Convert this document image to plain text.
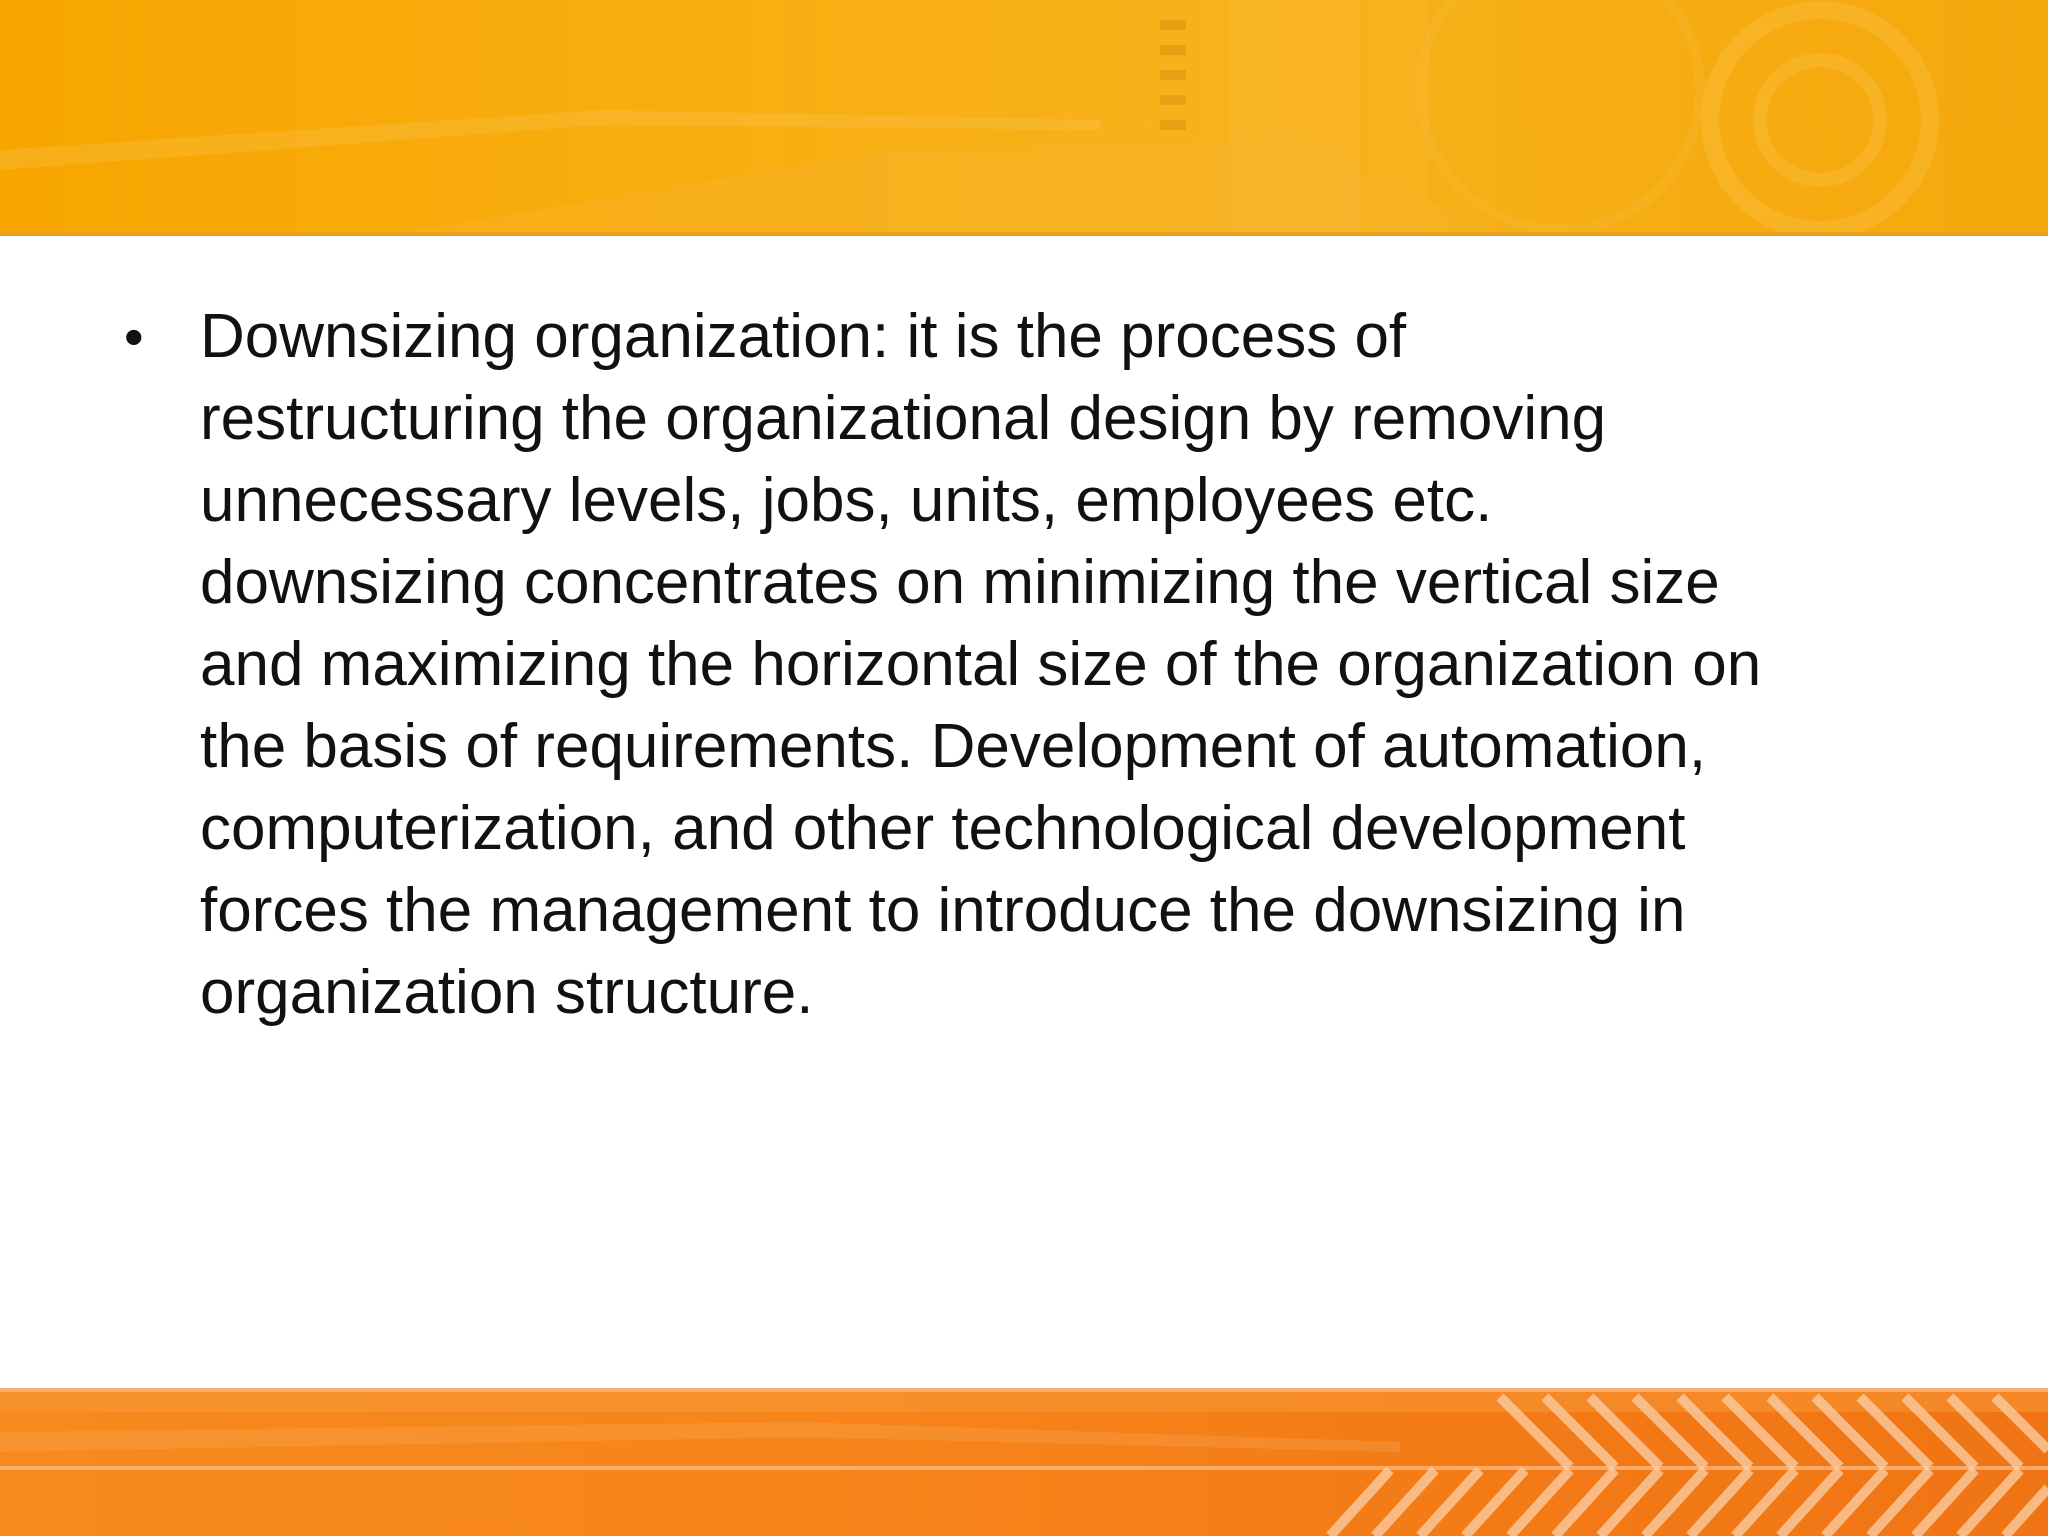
• Downsizing organization: it is the process of
restructuring the organizational design by removing
unnecessary levels, jobs, units, employees etc.
downsizing concentrates on minimizing the vertical size
and maximizing the horizontal size of the organization on
the basis of requirements. Development of automation,
computerization, and other technological development
forces the management to introduce the downsizing in
organization structure.
